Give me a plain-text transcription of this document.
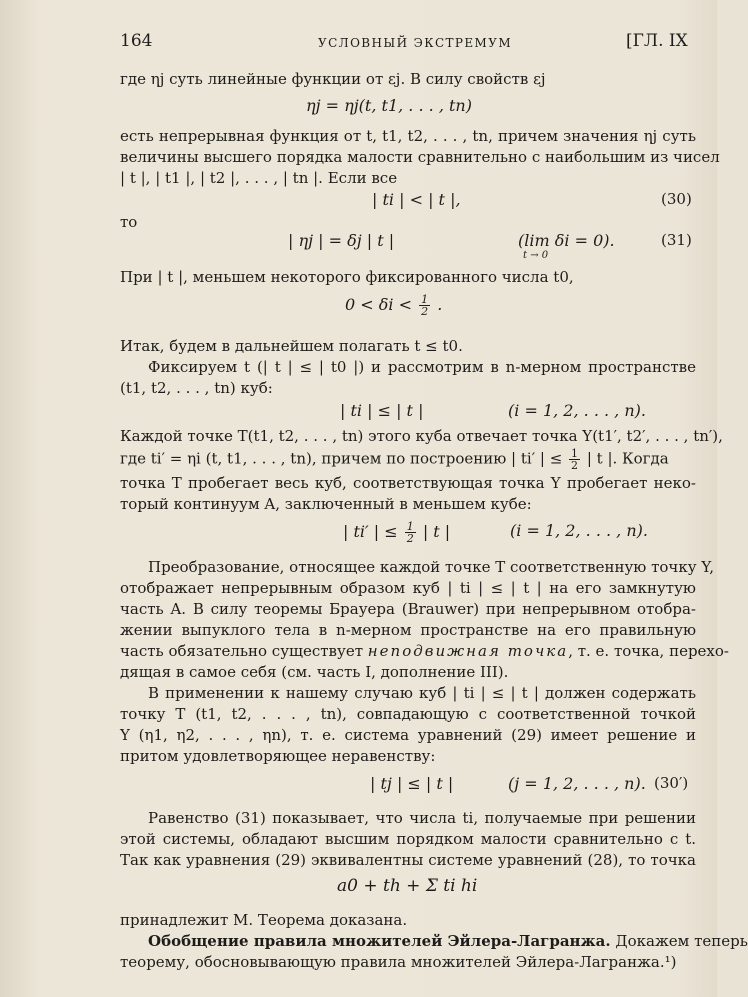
164	УСЛОВНЫЙ ЭКСТРЕМУМ	[ГЛ. IX
где ηj суть линейные функции от εj. В силу свойств εj
ηj = ηj(t, t1, . . . , tn)
есть непрерывная функция от t, t1, t2, . . . , tn, причем значения ηj суть
величины высшего порядка малости сравнительно с наибольшим из чисел
| t |, | t1 |, | t2 |, . . . , | tn |. Если все
| ti | < | t |,	(30)
то
| ηj | = δj | t |	(lim δi = 0).
t → 0
(31)
При | t |, меньшем некоторого фиксированного числа t0,
$0 < \delta i < \frac{1}{2}$ .
Итак, будем в дальнейшем полагать t ≤ t0.
Фиксируем t (| t | ≤ | t0 |) и рассмотрим в n-мерном пространстве
(t1, t2, . . . , tn) куб:
| ti | ≤ | t |	(i = 1, 2, . . . , n).
Каждой точке T(t1, t2, . . . , tn) этого куба отвечает точка Y(t1′, t2′, . . . , tn′),
где ti′ = ηi (t, t1, . . . , tn), причем по построению | ti′ | ≤ $\frac{1}{2}$ | t |. Когда
точка T пробегает весь куб, соответствующая точка Y пробегает неко-
торый континуум A, заключенный в меньшем кубе:
| ti′ | ≤ $\frac{1}{2}$ | t |	(i = 1, 2, . . . , n).
Преобразование, относящее каждой точке T соответственную точку Y,
отображает непрерывным образом куб | ti | ≤ | t | на его замкнутую
часть A. В силу теоремы Брауера (Brauwer) при непрерывном отобра-
жении выпуклого тела в n-мерном пространстве на его правильную
часть обязательно существует неподвижная точка, т. е. точка, перехо-
дящая в самое себя (см. часть I, дополнение III).
В применении к нашему случаю куб | ti | ≤ | t | должен содержать
точку T (t1, t2, . . . , tn), совпадающую с соответственной точкой
Y (η1, η2, . . . , ηn), т. е. система уравнений (29) имеет решение и
притом удовлетворяющее неравенству:
| tj | ≤ | t |	(j = 1, 2, . . . , n). (30′)
Равенство (31) показывает, что числа ti, получаемые при решении
этой системы, обладают высшим порядком малости сравнительно с t.
Так как уравнения (29) эквивалентны системе уравнений (28), то точка
a0 + th + Σ ti hi
принадлежит M. Теорема доказана.
Обобщение правила множителей Эйлера-Лагранжа. Докажем теперь
теорему, обосновывающую правила множителей Эйлера-Лагранжа.¹)
